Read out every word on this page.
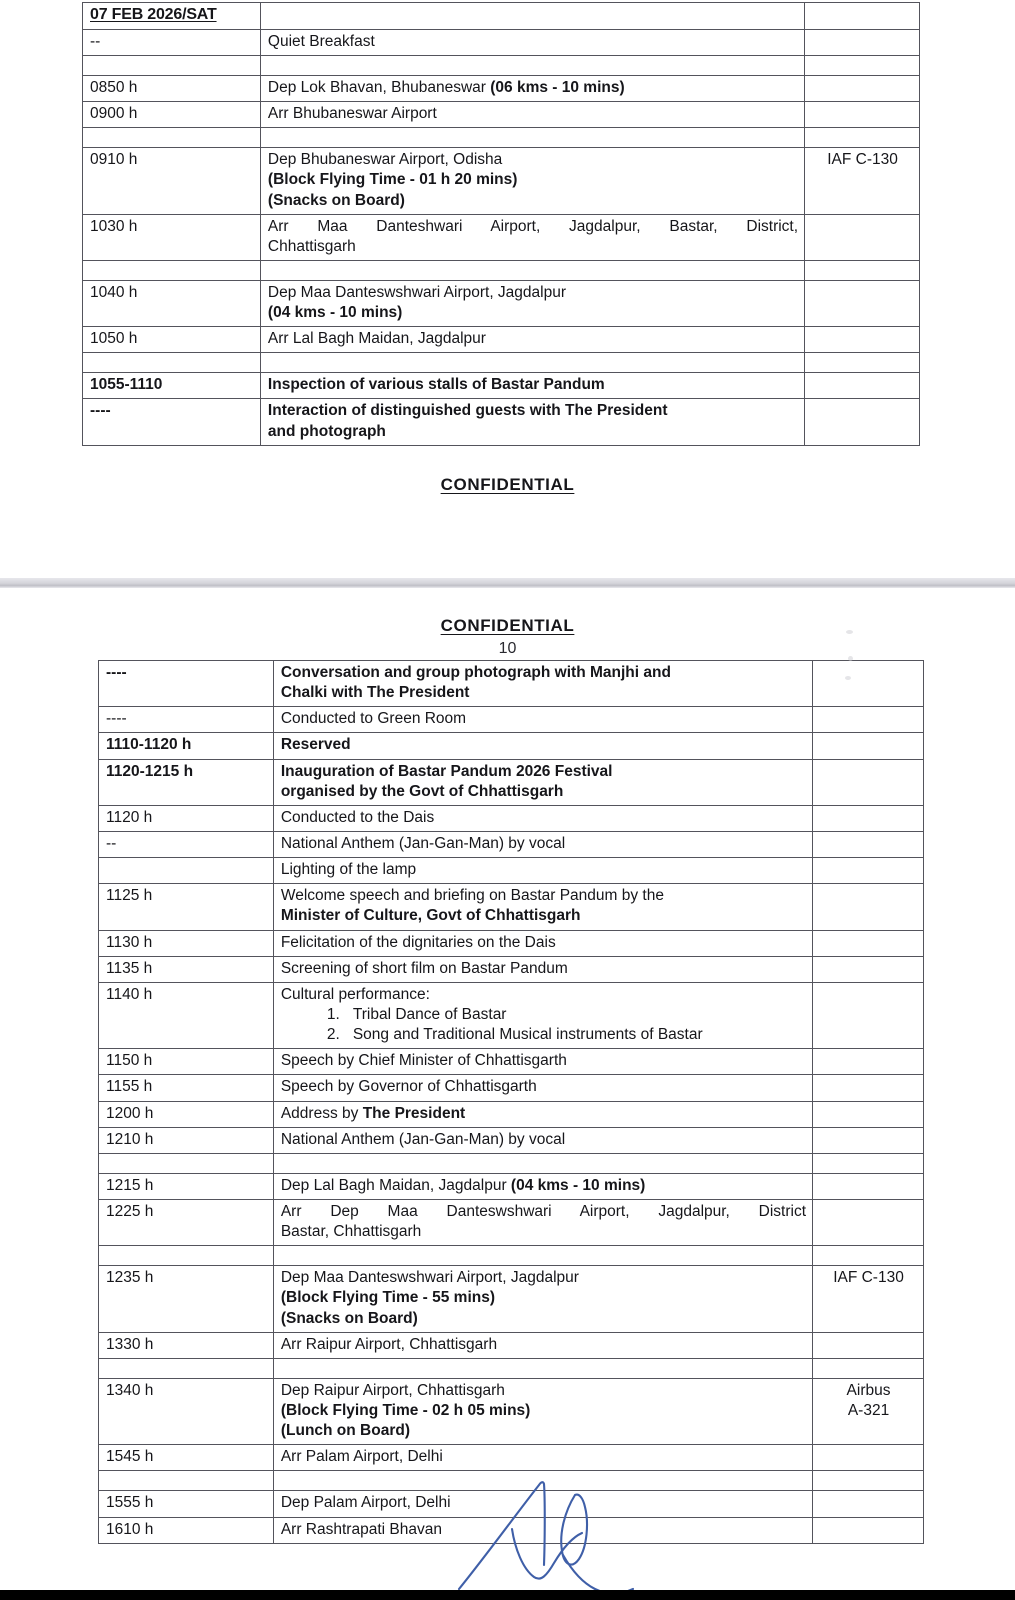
07 FEB 2026/SAT		
--	Quiet Breakfast	

0850 h	Dep Lok Bhavan, Bhubaneswar (06 kms - 10 mins)	
0900 h	Arr Bhubaneswar Airport	

0910 h	Dep Bhubaneswar Airport, Odisha
(Block Flying Time - 01 h 20 mins)
(Snacks on Board)	IAF C-130
1030 h	Arr Maa Danteshwari Airport, Jagdalpur, Bastar, District,
Chhattisgarh	

1040 h	Dep Maa Danteswshwari Airport, Jagdalpur
(04 kms - 10 mins)	
1050 h	Arr Lal Bagh Maidan, Jagdalpur	

1055-1110	Inspection of various stalls of Bastar Pandum	
----	Interaction of distinguished guests with The President
and photograph	
CONFIDENTIAL
CONFIDENTIAL
10
----	Conversation and group photograph with Manjhi and
Chalki with The President	
----	Conducted to Green Room	
1110-1120 h	Reserved	
1120-1215 h	Inauguration of Bastar Pandum 2026 Festival
organised by the Govt of Chhattisgarh	
1120 h	Conducted to the Dais	
--	National Anthem (Jan-Gan-Man) by vocal	
	Lighting of the lamp	
1125 h	Welcome speech and briefing on Bastar Pandum by the
Minister of Culture, Govt of Chhattisgarh	
1130 h	Felicitation of the dignitaries on the Dais	
1135 h	Screening of short film on Bastar Pandum	
1140 h	Cultural performance:
1. Tribal Dance of Bastar
2. Song and Traditional Musical instruments of Bastar

1150 h	Speech by Chief Minister of Chhattisgarth	
1155 h	Speech by Governor of Chhattisgarth	
1200 h	Address by The President	
1210 h	National Anthem (Jan-Gan-Man) by vocal	

1215 h	Dep Lal Bagh Maidan, Jagdalpur (04 kms - 10 mins)	
1225 h	Arr Dep Maa Danteswshwari Airport, Jagdalpur, District
Bastar, Chhattisgarh	

1235 h	Dep Maa Danteswshwari Airport, Jagdalpur
(Block Flying Time - 55 mins)
(Snacks on Board)	IAF C-130
1330 h	Arr Raipur Airport, Chhattisgarh	

1340 h	Dep Raipur Airport, Chhattisgarh
(Block Flying Time - 02 h 05 mins)
(Lunch on Board)	Airbus
A-321
1545 h	Arr Palam Airport, Delhi	

1555 h	Dep Palam Airport, Delhi	
1610 h	Arr Rashtrapati Bhavan	
